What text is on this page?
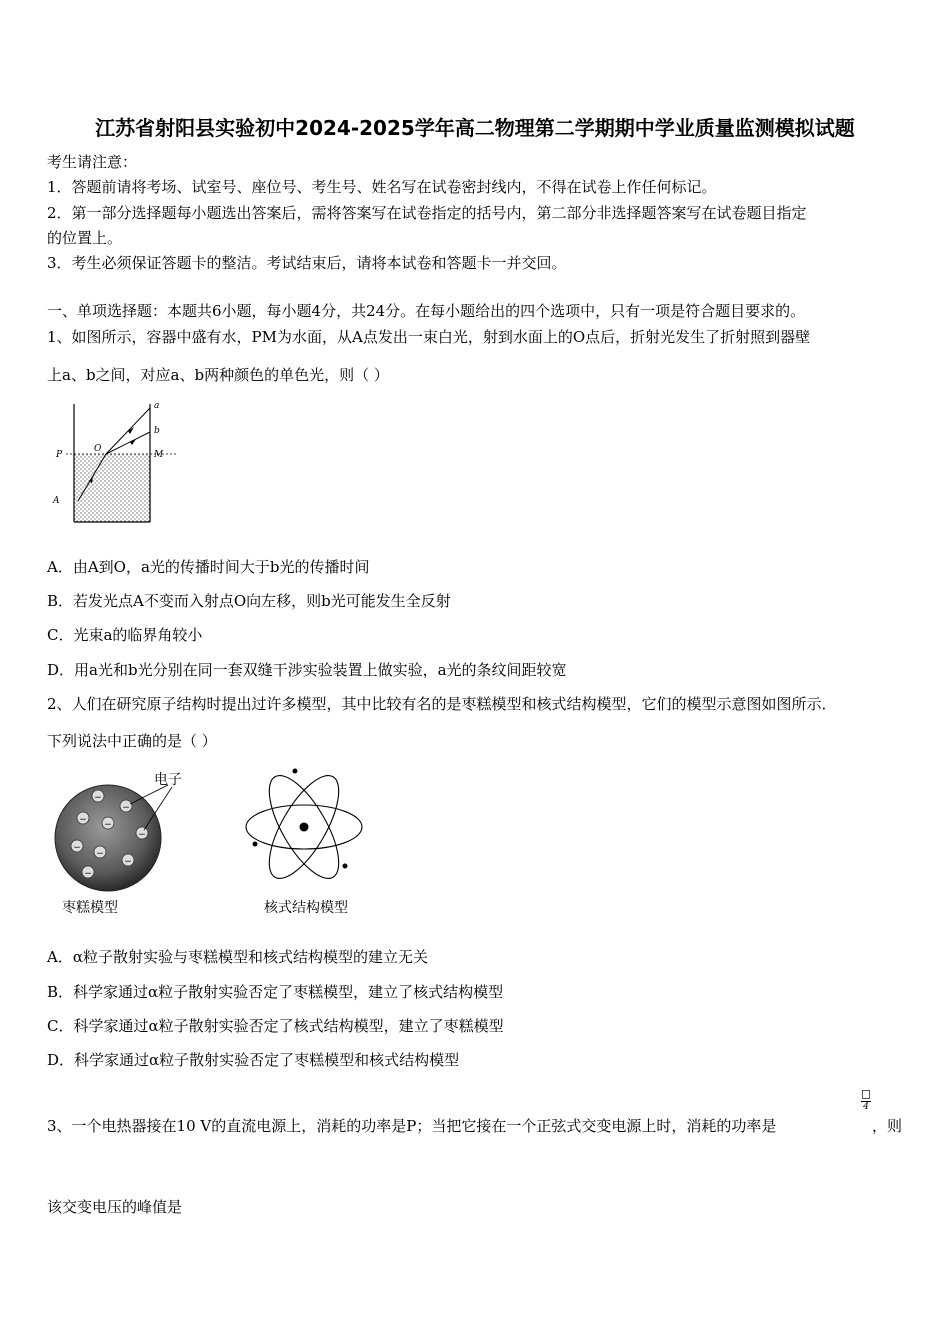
江苏省射阳县实验初中2024-2025学年高二物理第二学期期中学业质量监测模拟试题
考生请注意：
1．答题前请将考场、试室号、座位号、考生号、姓名写在试卷密封线内，不得在试卷上作任何标记。
2．第一部分选择题每小题选出答案后，需将答案写在试卷指定的括号内，第二部分非选择题答案写在试卷题目指定
的位置上。
3．考生必须保证答题卡的整洁。考试结束后，请将本试卷和答题卡一并交回。
一、单项选择题：本题共6小题，每小题4分，共24分。在每小题给出的四个选项中，只有一项是符合题目要求的。
1、如图所示，容器中盛有水，PM为水面，从A点发出一束白光，射到水面上的O点后，折射光发生了折射照到器壁
上a、b之间，对应a、b两种颜色的单色光，则（ ）
a
b
O
P	M
A
A．由A到O，a光的传播时间大于b光的传播时间
B．若发光点A不变而入射点O向左移，则b光可能发生全反射
C．光束a的临界角较小
D．用a光和b光分别在同一套双缝干涉实验装置上做实验，a光的条纹间距较宽
2、人们在研究原子结构时提出过许多模型，其中比较有名的是枣糕模型和核式结构模型，它们的模型示意图如图所示．
下列说法中正确的是（ ）
−
−
− −
−
−
−
−
−
电子
枣糕模型	核式结构模型
A．α粒子散射实验与枣糕模型和核式结构模型的建立无关
B．科学家通过α粒子散射实验否定了枣糕模型，建立了核式结构模型
C．科学家通过α粒子散射实验否定了核式结构模型，建立了枣糕模型
D．科学家通过α粒子散射实验否定了枣糕模型和核式结构模型
3、一个电热器接在10 V的直流电源上，消耗的功率是P；当把它接在一个正弦式交变电源上时，消耗的功率是
4
，则
该交变电压的峰值是
